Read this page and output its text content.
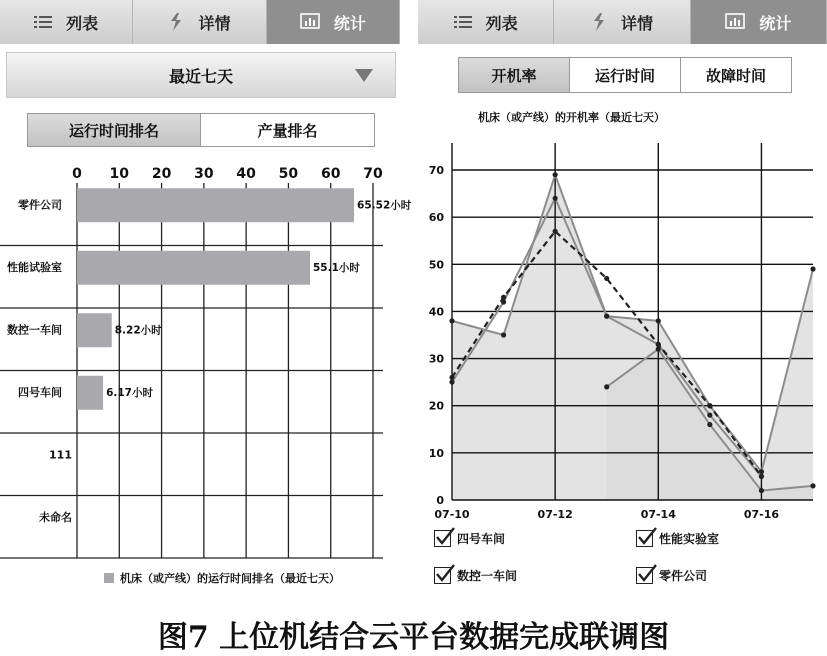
列表	详情	统计
最近七天
运行时间排名	产量排名
0 10 20 30 40 50 60 70
零件公司	65.52小时
性能试验室	55.1小时
数控一车间	8.22小时
四号车间	6.17小时
111
未命名
机床（或产线）的运行时间排名（最近七天）
列表	详情	统计
开机率	运行时间	故障时间
机床（或产线）的开机率（最近七天）
0
10
20
30
40
50
60
70
07-10	07-12	07-14	07-16
四号车间	性能实验室
数控一车间	零件公司
图7 上位机结合云平台数据完成联调图
